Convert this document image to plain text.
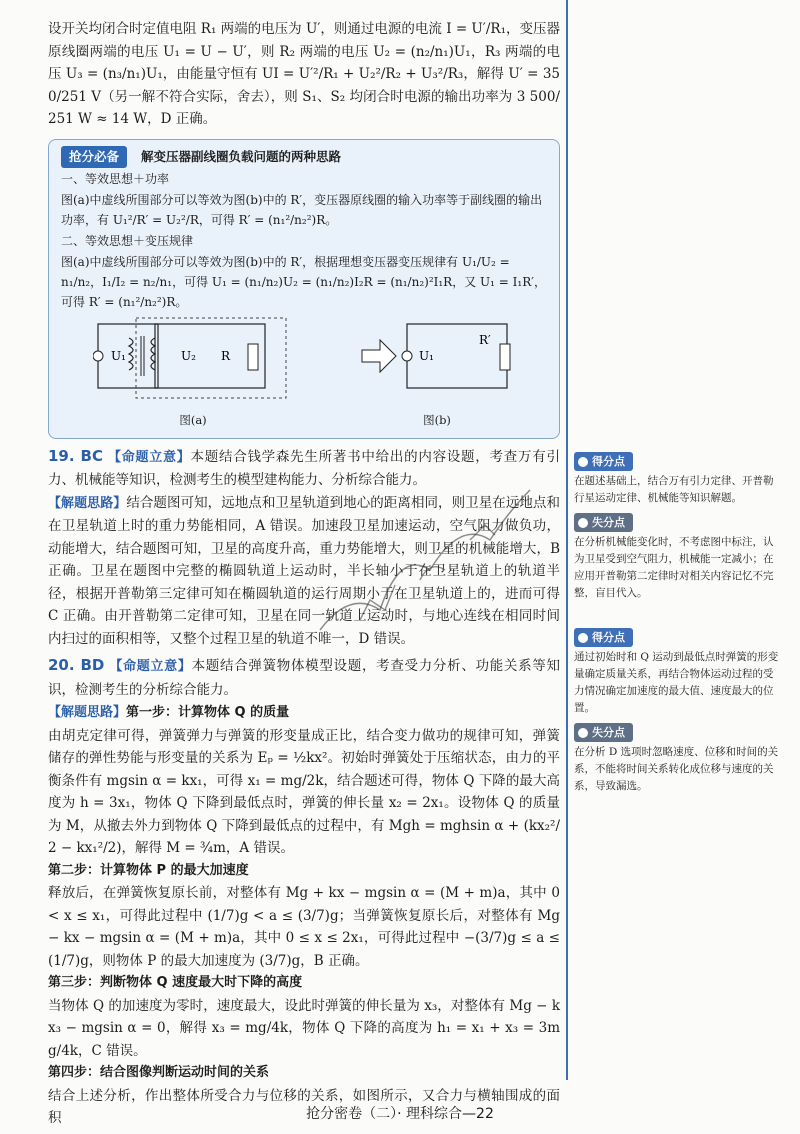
设开关均闭合时定值电阻 R₁ 两端的电压为 U′，则通过电源的电流 I = U′/R₁，变压器原线圈两端的电压 U₁ = U − U′，则 R₂ 两端的电压 U₂ = (n₂/n₁)U₁，R₃ 两端的电压 U₃ = (n₃/n₁)U₁，由能量守恒有 UI = U′²/R₁ + U₂²/R₂ + U₃²/R₃，解得 U′ = 350/251 V（另一解不符合实际，舍去），则 S₁、S₂ 均闭合时电源的输出功率为 3 500/251 W ≈ 14 W，D 正确。

抢分必备	解变压器副线圈负载问题的两种思路
一、等效思想＋功率
图(a)中虚线所围部分可以等效为图(b)中的 R′，变压器原线圈的输入功率等于副线圈的输出功率，有 U₁²/R′ = U₂²/R，可得 R′ = (n₁²/n₂²)R。
二、等效思想＋变压规律
图(a)中虚线所围部分可以等效为图(b)中的 R′，根据理想变压器变压规律有 U₁/U₂ = n₁/n₂，I₁/I₂ = n₂/n₁，可得 U₁ = (n₁/n₂)U₂ = (n₁/n₂)I₂R = (n₁/n₂)²I₁R，又 U₁ = I₁R′，可得 R′ = (n₁²/n₂²)R。
U₁	U₂ R
图(a)
U₁
R′
图(b)

19. BC 【命题立意】本题结合钱学森先生所著书中给出的内容设题，考查万有引力、机械能等知识，检测考生的模型建构能力、分析综合能力。

【解题思路】结合题图可知，远地点和卫星轨道到地心的距离相同，则卫星在远地点和在卫星轨道上时的重力势能相同，A 错误。加速段卫星加速运动，空气阻力做负功，动能增大，结合题图可知，卫星的高度升高，重力势能增大，则卫星的机械能增大，B 正确。卫星在题图中完整的椭圆轨道上运动时，半长轴小于在卫星轨道上的轨道半径，根据开普勒第三定律可知在椭圆轨道的运行周期小于在卫星轨道上的，进而可得 C 正确。由开普勒第二定律可知，卫星在同一轨道上运动时，与地心连线在相同时间内扫过的面积相等，又整个过程卫星的轨道不唯一，D 错误。

20. BD 【命题立意】本题结合弹簧物体模型设题，考查受力分析、功能关系等知识，检测考生的分析综合能力。

【解题思路】第一步：计算物体 Q 的质量

由胡克定律可得，弹簧弹力与弹簧的形变量成正比，结合变力做功的规律可知，弹簧储存的弹性势能与形变量的关系为 Eₚ = ½kx²。初始时弹簧处于压缩状态，由力的平衡条件有 mgsin α = kx₁，可得 x₁ = mg/2k，结合题述可得，物体 Q 下降的最大高度为 h = 3x₁，物体 Q 下降到最低点时，弹簧的伸长量 x₂ = 2x₁。设物体 Q 的质量为 M，从撤去外力到物体 Q 下降到最低点的过程中，有 Mgh = mghsin α + (kx₂²/2 − kx₁²/2)，解得 M = ¾m，A 错误。

第二步：计算物体 P 的最大加速度

释放后，在弹簧恢复原长前，对整体有 Mg + kx − mgsin α = (M + m)a，其中 0 < x ≤ x₁，可得此过程中 (1/7)g < a ≤ (3/7)g；当弹簧恢复原长后，对整体有 Mg − kx − mgsin α = (M + m)a，其中 0 ≤ x ≤ 2x₁，可得此过程中 −(3/7)g ≤ a ≤ (1/7)g，则物体 P 的最大加速度为 (3/7)g，B 正确。

第三步：判断物体 Q 速度最大时下降的高度

当物体 Q 的加速度为零时，速度最大，设此时弹簧的伸长量为 x₃，对整体有 Mg − kx₃ − mgsin α = 0，解得 x₃ = mg/4k，物体 Q 下降的高度为 h₁ = x₁ + x₃ = 3mg/4k，C 错误。

第四步：结合图像判断运动时间的关系

结合上述分析，作出整体所受合力与位移的关系，如图所示，又合力与横轴围成的面积

得分点

在题述基础上，结合万有引力定律、开普勒行星运动定律、机械能等知识解题。

失分点

在分析机械能变化时，不考虑图中标注，认为卫星受到空气阻力，机械能一定减小；在应用开普勒第二定律时对相关内容记忆不完整，盲目代入。

得分点

通过初始时和 Q 运动到最低点时弹簧的形变量确定质量关系，再结合物体运动过程的受力情况确定加速度的最大值、速度最大的位置。

失分点

在分析 D 选项时忽略速度、位移和时间的关系，不能将时间关系转化成位移与速度的关系，导致漏选。

抢分密卷（二）· 理科综合—22
